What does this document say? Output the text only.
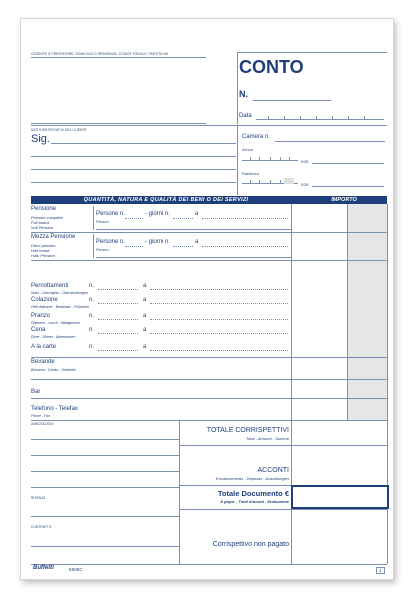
CEDENTE O PRESTATORE, DOMICILIO O RESIDENZA, CODICE FISCALE, PARTITA IVA
CONTO
N.
Data
DATI IDENTIFICATIVI DEL CLIENTE
Sig.	Camera n.
Arrivo
con
Partenza
con
QUANTITÀ, NATURA E QUALITÀ DEI BENI O DEI SERVIZI	IMPORTO
Pensione
Pension complète
Full board
Voll Pension
Persone n.
Person
- giorni n.	a
Mezza Pensione
Demi pension
Half board
Halb Pension
Persone n.
Person
- giorni n.	a
Pernottamenti
Nuits - Overnights - Übernachtungen
n.	a
Colazione
Petit déjeuner - Breakfast - Frühstück
n.	a
Pranzo
Déjeuner - Lunch - Mittagessen
n.	a
Cena
Dîner - Dinner - Abendessen
n.	a
A la carte	n.	a
Bevande
Boissons - Drinks - Getränke
Bar
Telefono - Telefax
Phone - Fax
ANNOTAZIONI
RISENZA
CONTRATTO
TOTALE CORRISPETTIVI
Total - Amount - Summe
ACCONTI
Encaissements - Deposits - Anzahlungen
Totale Documento €
À payer - Total Amount - Endsumme
Corrispettivo non pagato
Buffetti	6606C	1
